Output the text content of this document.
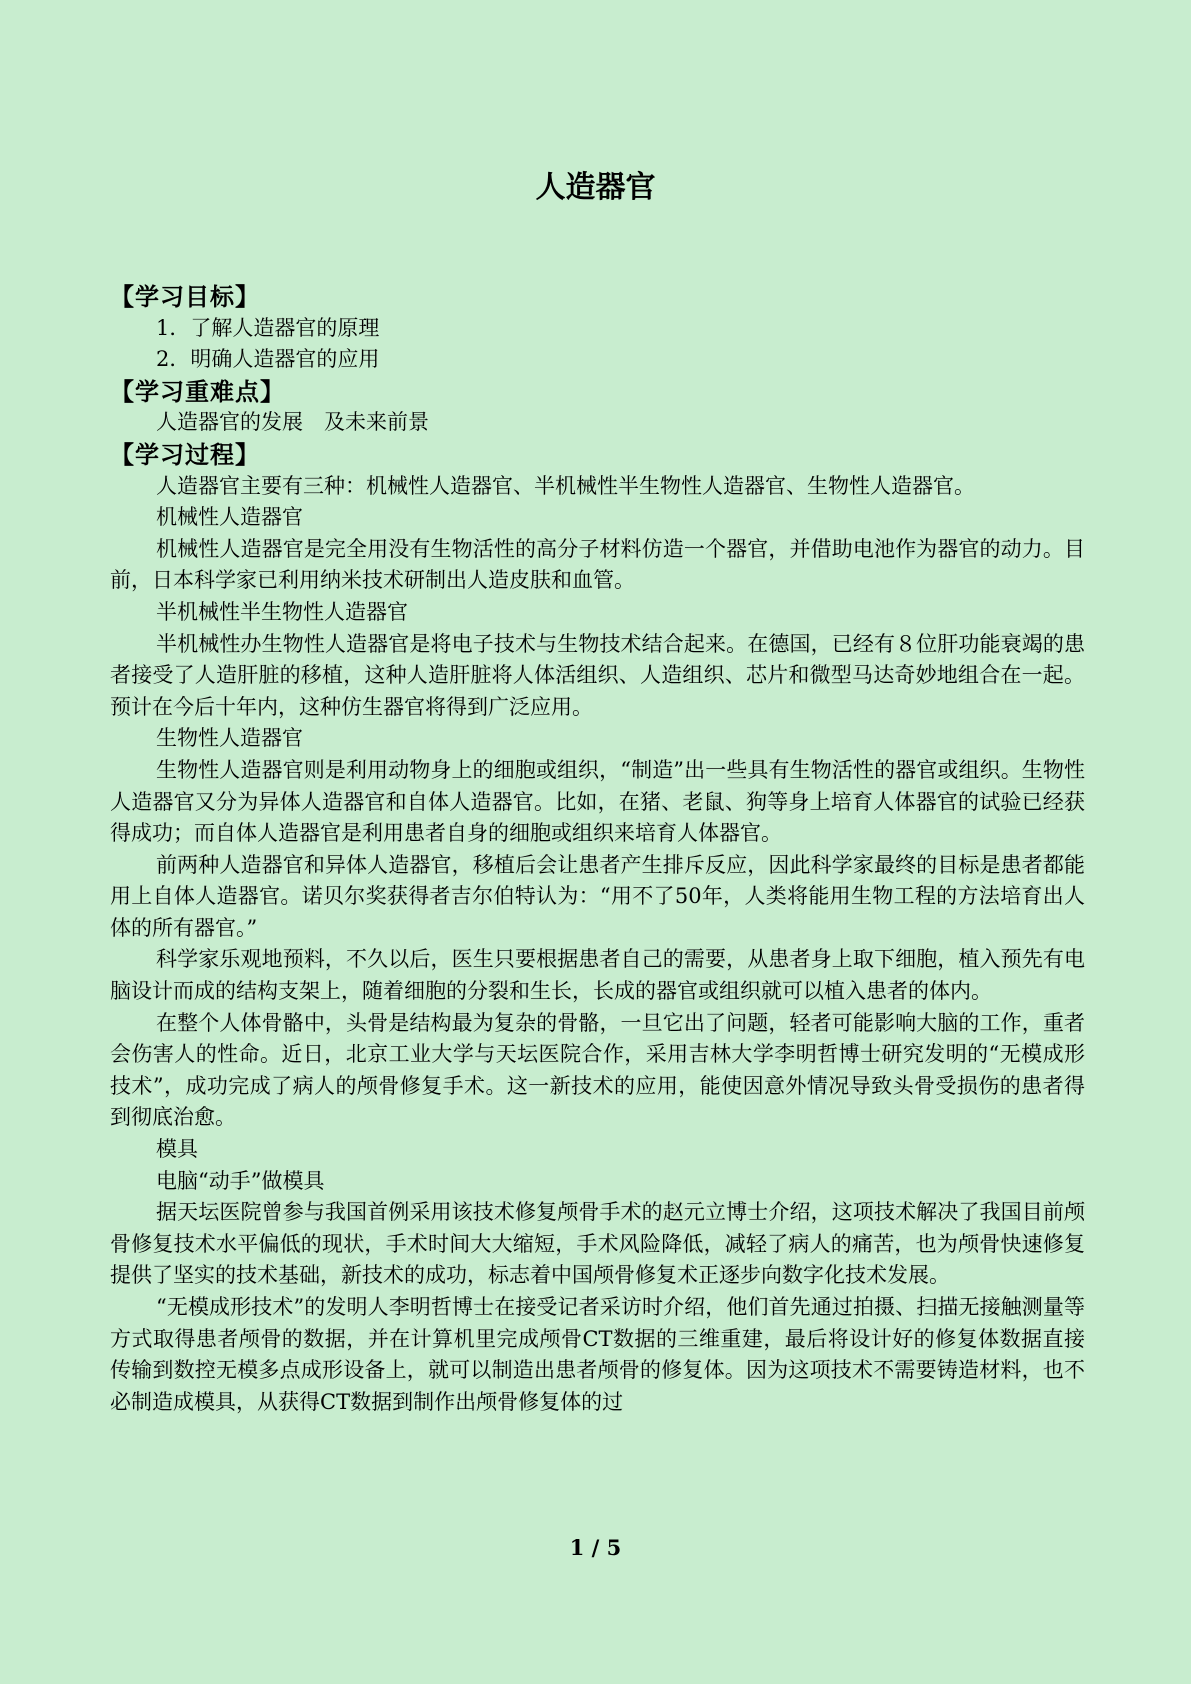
人造器官

【学习目标】

1．了解人造器官的原理

2．明确人造器官的应用

【学习重难点】

人造器官的发展　及未来前景

【学习过程】

人造器官主要有三种：机械性人造器官、半机械性半生物性人造器官、生物性人造器官。

机械性人造器官

机械性人造器官是完全用没有生物活性的高分子材料仿造一个器官，并借助电池作为器官的动力。目前，日本科学家已利用纳米技术研制出人造皮肤和血管。

半机械性半生物性人造器官

半机械性办生物性人造器官是将电子技术与生物技术结合起来。在德国，已经有８位肝功能衰竭的患者接受了人造肝脏的移植，这种人造肝脏将人体活组织、人造组织、芯片和微型马达奇妙地组合在一起。预计在今后十年内，这种仿生器官将得到广泛应用。

生物性人造器官

生物性人造器官则是利用动物身上的细胞或组织，“制造”出一些具有生物活性的器官或组织。生物性人造器官又分为异体人造器官和自体人造器官。比如，在猪、老鼠、狗等身上培育人体器官的试验已经获得成功；而自体人造器官是利用患者自身的细胞或组织来培育人体器官。

前两种人造器官和异体人造器官，移植后会让患者产生排斥反应，因此科学家最终的目标是患者都能用上自体人造器官。诺贝尔奖获得者吉尔伯特认为：“用不了50年，人类将能用生物工程的方法培育出人体的所有器官。”

科学家乐观地预料，不久以后，医生只要根据患者自己的需要，从患者身上取下细胞，植入预先有电脑设计而成的结构支架上，随着细胞的分裂和生长，长成的器官或组织就可以植入患者的体内。

在整个人体骨骼中，头骨是结构最为复杂的骨骼，一旦它出了问题，轻者可能影响大脑的工作，重者会伤害人的性命。近日，北京工业大学与天坛医院合作，采用吉林大学李明哲博士研究发明的“无模成形技术”，成功完成了病人的颅骨修复手术。这一新技术的应用，能使因意外情况导致头骨受损伤的患者得到彻底治愈。

模具

电脑“动手”做模具

据天坛医院曾参与我国首例采用该技术修复颅骨手术的赵元立博士介绍，这项技术解决了我国目前颅骨修复技术水平偏低的现状，手术时间大大缩短，手术风险降低，减轻了病人的痛苦，也为颅骨快速修复提供了坚实的技术基础，新技术的成功，标志着中国颅骨修复术正逐步向数字化技术发展。

“无模成形技术”的发明人李明哲博士在接受记者采访时介绍，他们首先通过拍摄、扫描无接触测量等方式取得患者颅骨的数据，并在计算机里完成颅骨CT数据的三维重建，最后将设计好的修复体数据直接传输到数控无模多点成形设备上，就可以制造出患者颅骨的修复体。因为这项技术不需要铸造材料，也不必制造成模具，从获得CT数据到制作出颅骨修复体的过

1 / 5
